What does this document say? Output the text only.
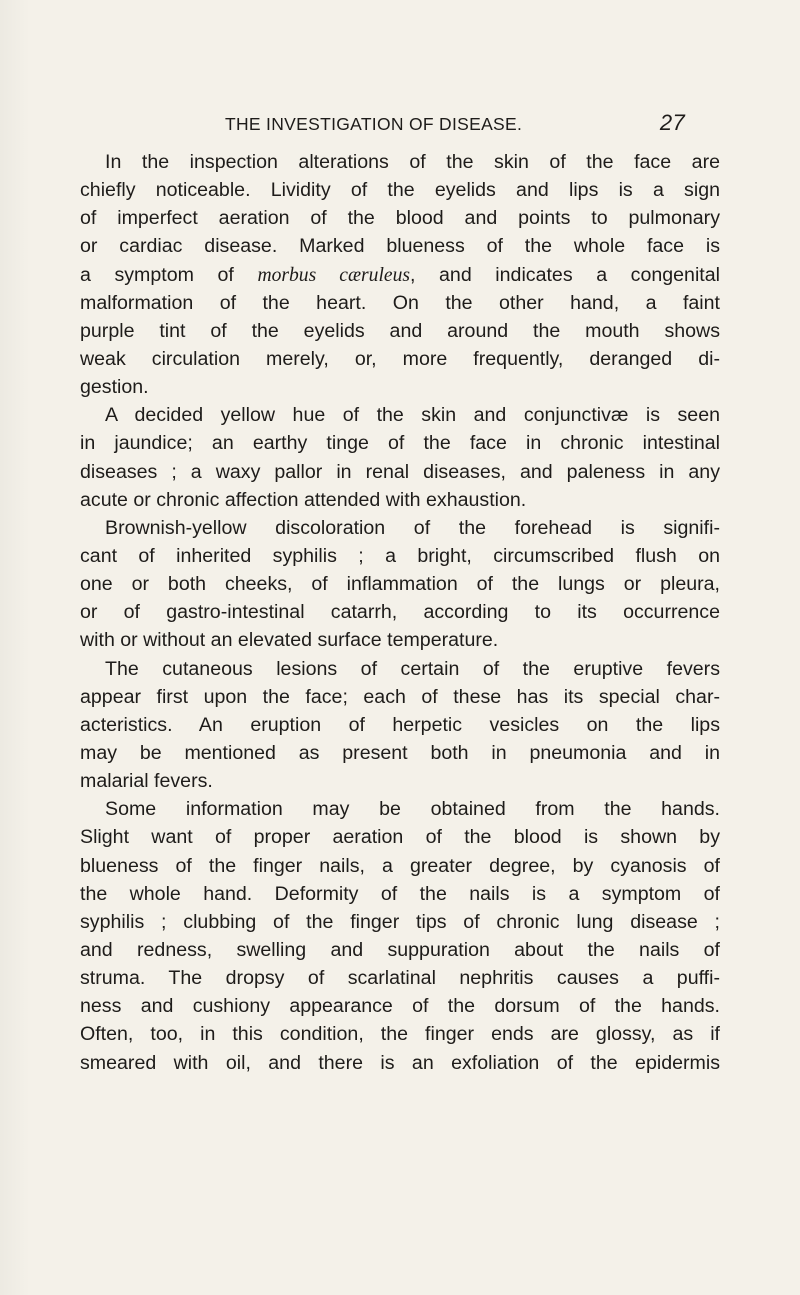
THE INVESTIGATION OF DISEASE.	27
In the inspection alterations of the skin of the face are
chiefly noticeable. Lividity of the eyelids and lips is a sign
of imperfect aeration of the blood and points to pulmonary
or cardiac disease. Marked blueness of the whole face is
a symptom of morbus cæruleus, and indicates a congenital
malformation of the heart. On the other hand, a faint
purple tint of the eyelids and around the mouth shows
weak circulation merely, or, more frequently, deranged di-
gestion.
A decided yellow hue of the skin and conjunctivæ is seen
in jaundice; an earthy tinge of the face in chronic intestinal
diseases ; a waxy pallor in renal diseases, and paleness in any
acute or chronic affection attended with exhaustion.
Brownish-yellow discoloration of the forehead is signifi-
cant of inherited syphilis ; a bright, circumscribed flush on
one or both cheeks, of inflammation of the lungs or pleura,
or of gastro-intestinal catarrh, according to its occurrence
with or without an elevated surface temperature.
The cutaneous lesions of certain of the eruptive fevers
appear first upon the face; each of these has its special char-
acteristics. An eruption of herpetic vesicles on the lips
may be mentioned as present both in pneumonia and in
malarial fevers.
Some information may be obtained from the hands.
Slight want of proper aeration of the blood is shown by
blueness of the finger nails, a greater degree, by cyanosis of
the whole hand. Deformity of the nails is a symptom of
syphilis ; clubbing of the finger tips of chronic lung disease ;
and redness, swelling and suppuration about the nails of
struma. The dropsy of scarlatinal nephritis causes a puffi-
ness and cushiony appearance of the dorsum of the hands.
Often, too, in this condition, the finger ends are glossy, as if
smeared with oil, and there is an exfoliation of the epidermis
